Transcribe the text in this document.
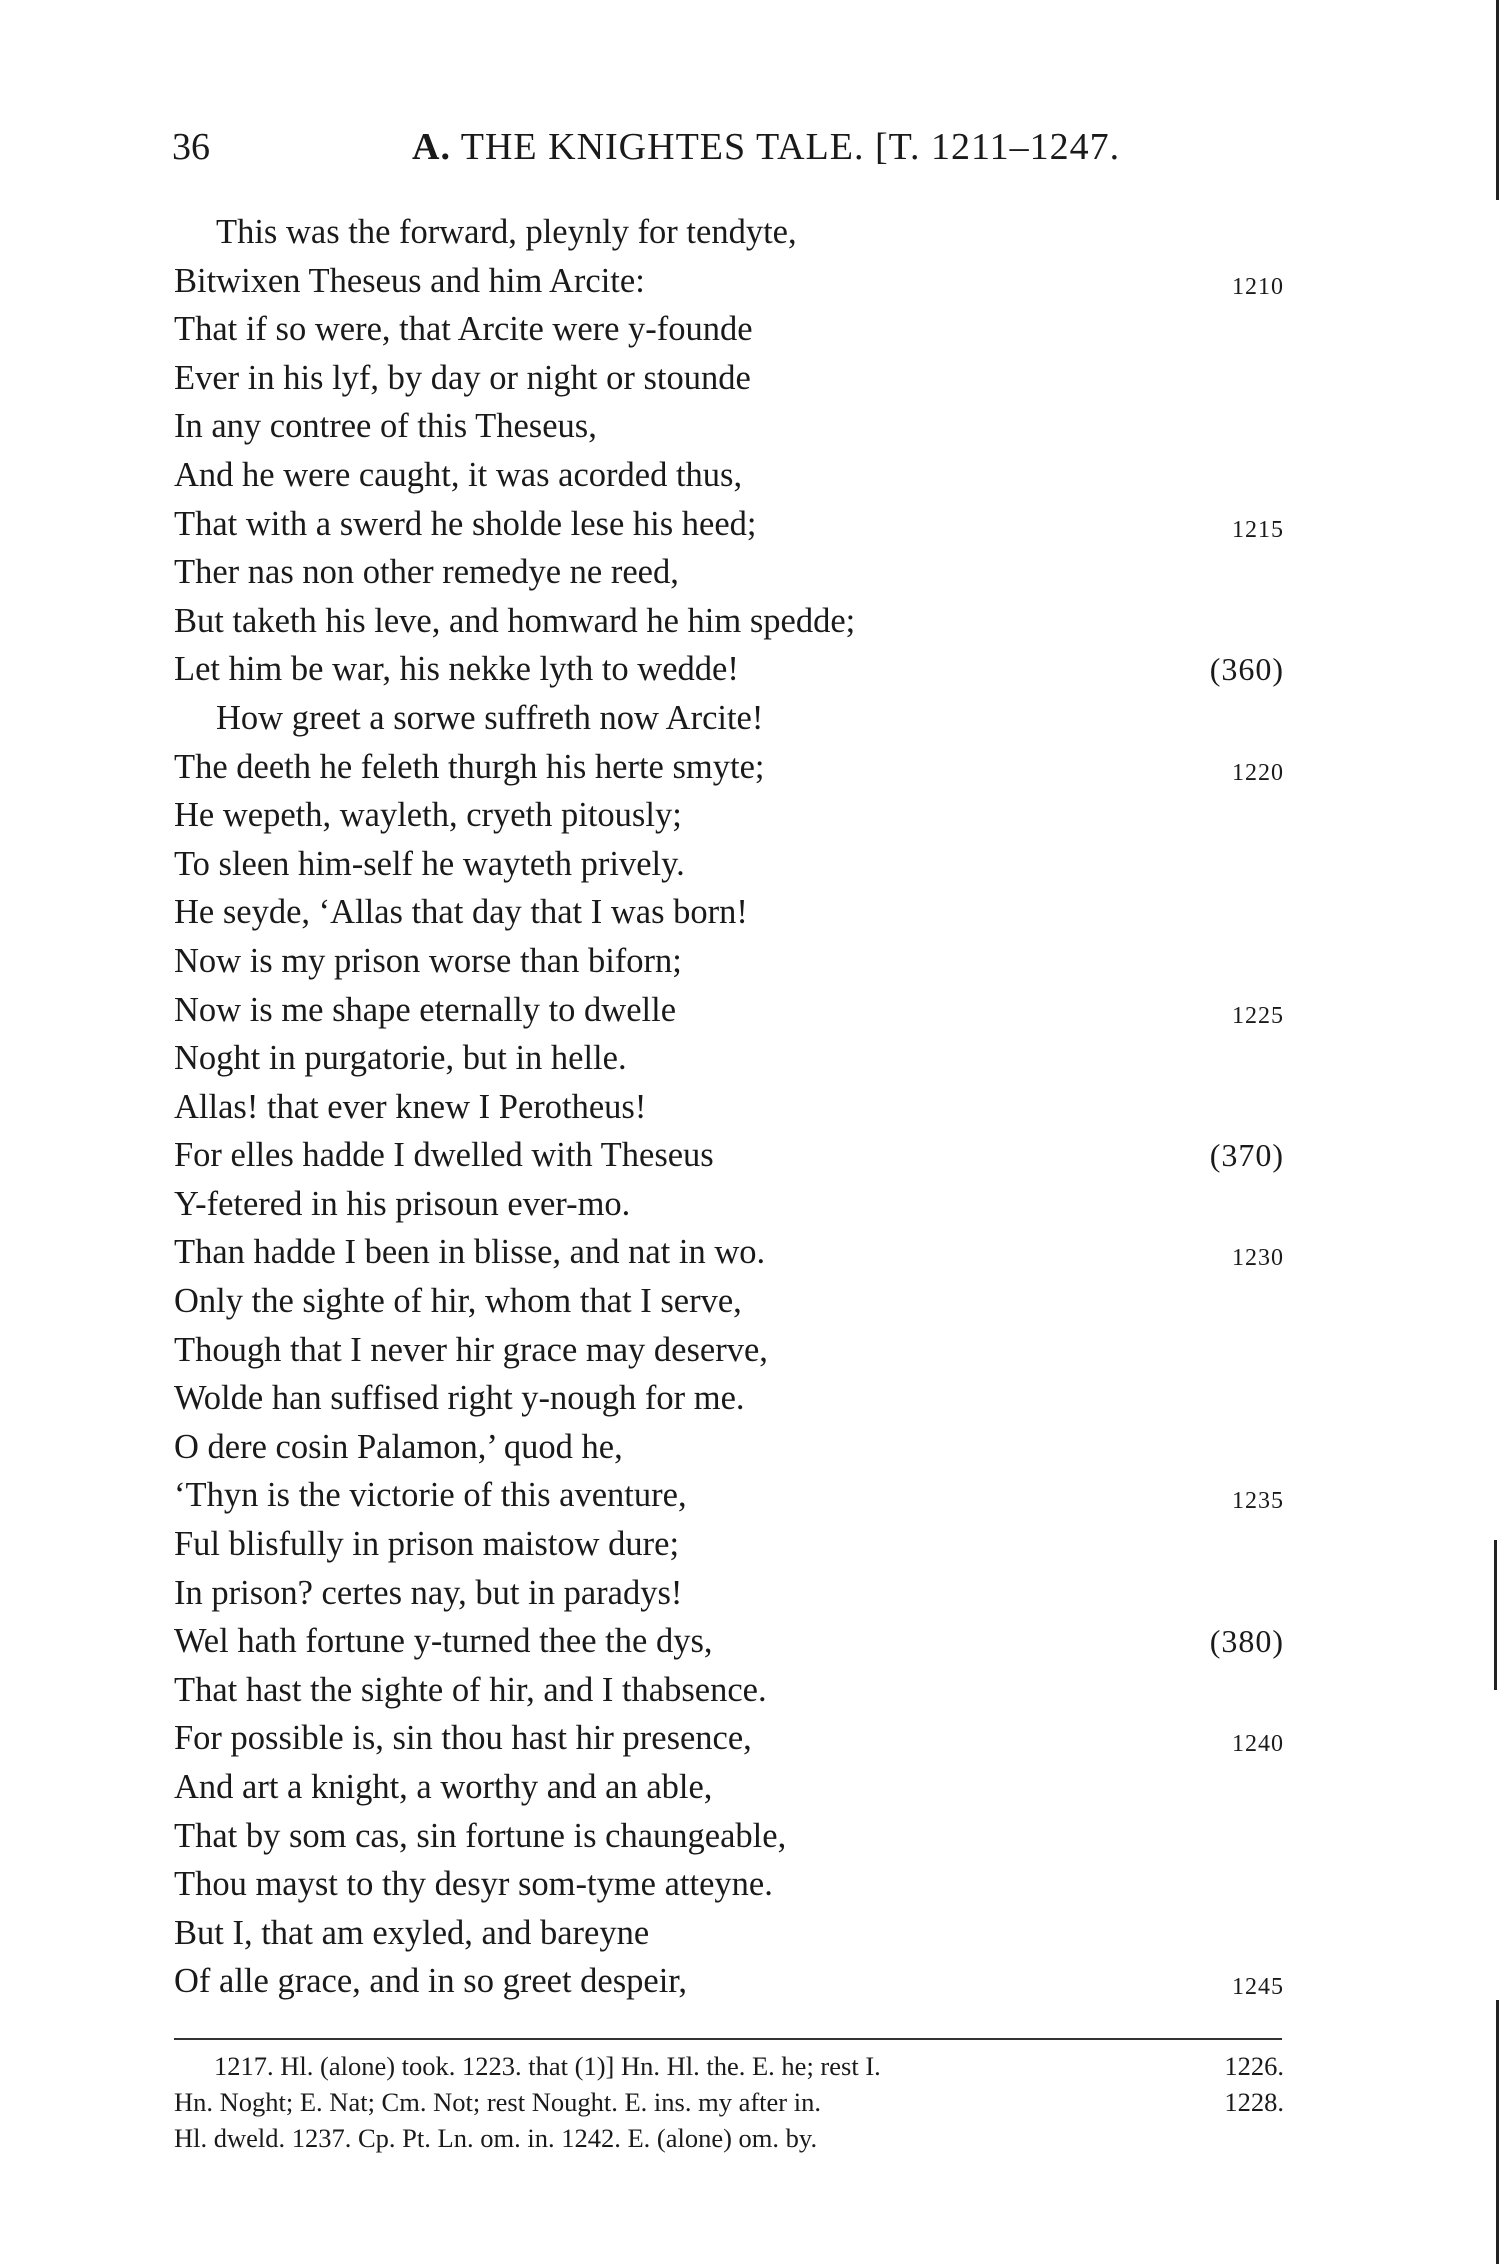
36	A. THE KNIGHTES TALE. [T. 1211–1247.
This was the forward, pleynly for tendyte,
Bitwixen Theseus and him Arcite:	1210
That if so were, that Arcite were y-founde
Ever in his lyf, by day or night or stounde
In any contree of this Theseus,
And he were caught, it was acorded thus,
That with a swerd he sholde lese his heed;	1215
Ther nas non other remedye ne reed,
But taketh his leve, and homward he him spedde;
Let him be war, his nekke lyth to wedde!	(360)
How greet a sorwe suffreth now Arcite!
The deeth he feleth thurgh his herte smyte;	1220
He wepeth, wayleth, cryeth pitously;
To sleen him-self he wayteth prively.
He seyde, ‘Allas that day that I was born!
Now is my prison worse than biforn;
Now is me shape eternally to dwelle	1225
Noght in purgatorie, but in helle.
Allas! that ever knew I Perotheus!
For elles hadde I dwelled with Theseus	(370)
Y-fetered in his prisoun ever-mo.
Than hadde I been in blisse, and nat in wo.	1230
Only the sighte of hir, whom that I serve,
Though that I never hir grace may deserve,
Wolde han suffised right y-nough for me.
O dere cosin Palamon,’ quod he,
‘Thyn is the victorie of this aventure,	1235
Ful blisfully in prison maistow dure;
In prison? certes nay, but in paradys!
Wel hath fortune y-turned thee the dys,	(380)
That hast the sighte of hir, and I thabsence.
For possible is, sin thou hast hir presence,	1240
And art a knight, a worthy and an able,
That by som cas, sin fortune is chaungeable,
Thou mayst to thy desyr som-tyme atteyne.
But I, that am exyled, and bareyne
Of alle grace, and in so greet despeir,	1245
1217. Hl. (alone) took. 1223. that (1)] Hn. Hl. the. E. he; rest I.	1226.
Hn. Noght; E. Nat; Cm. Not; rest Nought. E. ins. my after in.	1228.
Hl. dweld. 1237. Cp. Pt. Ln. om. in. 1242. E. (alone) om. by.
